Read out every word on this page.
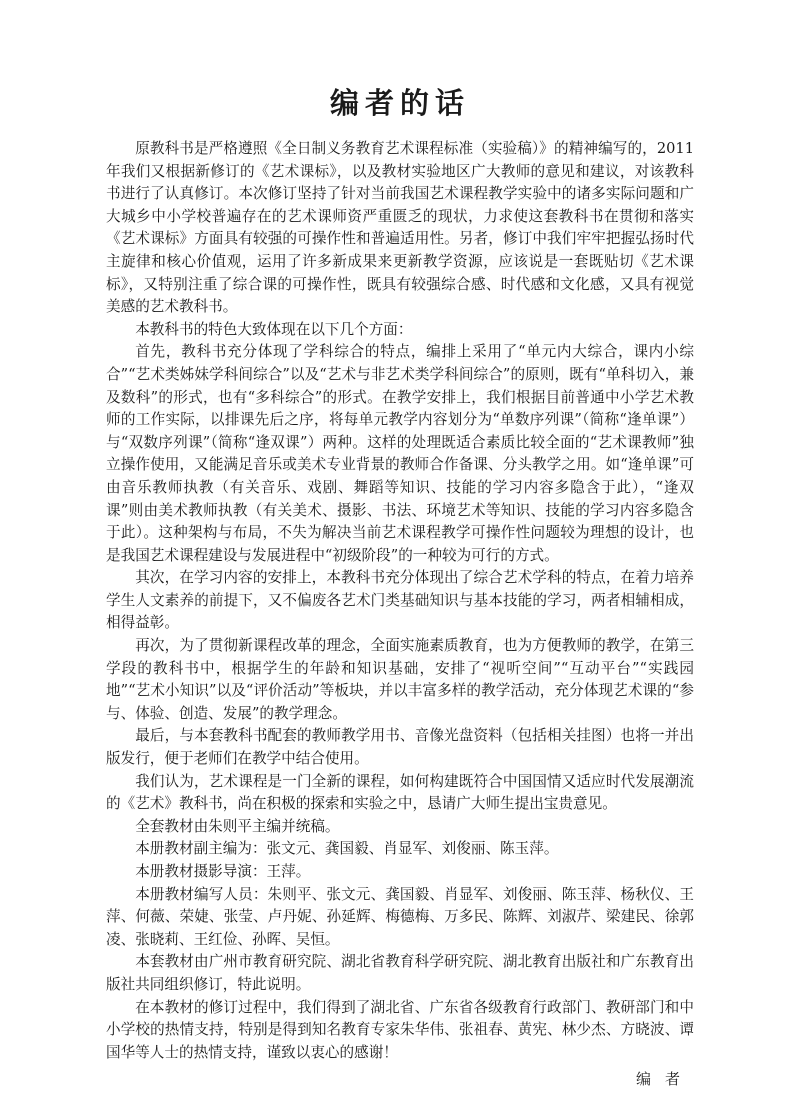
编者的话

原教科书是严格遵照《全日制义务教育艺术课程标准（实验稿）》的精神编写的，2011 年我们又根据新修订的《艺术课标》，以及教材实验地区广大教师的意见和建议，对该教科书进行了认真修订。本次修订坚持了针对当前我国艺术课程教学实验中的诸多实际问题和广大城乡中小学校普遍存在的艺术课师资严重匮乏的现状，力求使这套教科书在贯彻和落实《艺术课标》方面具有较强的可操作性和普遍适用性。另者，修订中我们牢牢把握弘扬时代主旋律和核心价值观，运用了许多新成果来更新教学资源，应该说是一套既贴切《艺术课标》，又特别注重了综合课的可操作性，既具有较强综合感、时代感和文化感，又具有视觉美感的艺术教科书。

本教科书的特色大致体现在以下几个方面：

首先，教科书充分体现了学科综合的特点，编排上采用了“单元内大综合，课内小综合”“艺术类姊妹学科间综合”以及“艺术与非艺术类学科间综合”的原则，既有“单科切入，兼及数科”的形式，也有“多科综合”的形式。在教学安排上，我们根据目前普通中小学艺术教师的工作实际，以排课先后之序，将每单元教学内容划分为“单数序列课”（简称“逢单课”）与“双数序列课”（简称“逢双课”）两种。这样的处理既适合素质比较全面的“艺术课教师”独立操作使用，又能满足音乐或美术专业背景的教师合作备课、分头教学之用。如“逢单课”可由音乐教师执教（有关音乐、戏剧、舞蹈等知识、技能的学习内容多隐含于此），“逢双课”则由美术教师执教（有关美术、摄影、书法、环境艺术等知识、技能的学习内容多隐含于此）。这种架构与布局，不失为解决当前艺术课程教学可操作性问题较为理想的设计，也是我国艺术课程建设与发展进程中“初级阶段”的一种较为可行的方式。

其次，在学习内容的安排上，本教科书充分体现出了综合艺术学科的特点，在着力培养学生人文素养的前提下，又不偏废各艺术门类基础知识与基本技能的学习，两者相辅相成，相得益彰。

再次，为了贯彻新课程改革的理念，全面实施素质教育，也为方便教师的教学，在第三学段的教科书中，根据学生的年龄和知识基础，安排了“视听空间”“互动平台”“实践园地”“艺术小知识”以及“评价活动”等板块，并以丰富多样的教学活动，充分体现艺术课的“参与、体验、创造、发展”的教学理念。

最后，与本套教科书配套的教师教学用书、音像光盘资料（包括相关挂图）也将一并出版发行，便于老师们在教学中结合使用。

我们认为，艺术课程是一门全新的课程，如何构建既符合中国国情又适应时代发展潮流的《艺术》教科书，尚在积极的探索和实验之中，恳请广大师生提出宝贵意见。

全套教材由朱则平主编并统稿。

本册教材副主编为：张文元、龚国毅、肖显军、刘俊丽、陈玉萍。

本册教材摄影导演：王萍。

本册教材编写人员：朱则平、张文元、龚国毅、肖显军、刘俊丽、陈玉萍、杨秋仪、王萍、何薇、荣婕、张莹、卢丹妮、孙延辉、梅德梅、万多民、陈辉、刘淑芹、梁建民、徐郭凌、张晓莉、王红俭、孙晖、吴恒。

本套教材由广州市教育研究院、湖北省教育科学研究院、湖北教育出版社和广东教育出版社共同组织修订，特此说明。

在本教材的修订过程中，我们得到了湖北省、广东省各级教育行政部门、教研部门和中小学校的热情支持，特别是得到知名教育专家朱华伟、张祖春、黄宪、林少杰、方晓波、谭国华等人士的热情支持，谨致以衷心的感谢！

编者
